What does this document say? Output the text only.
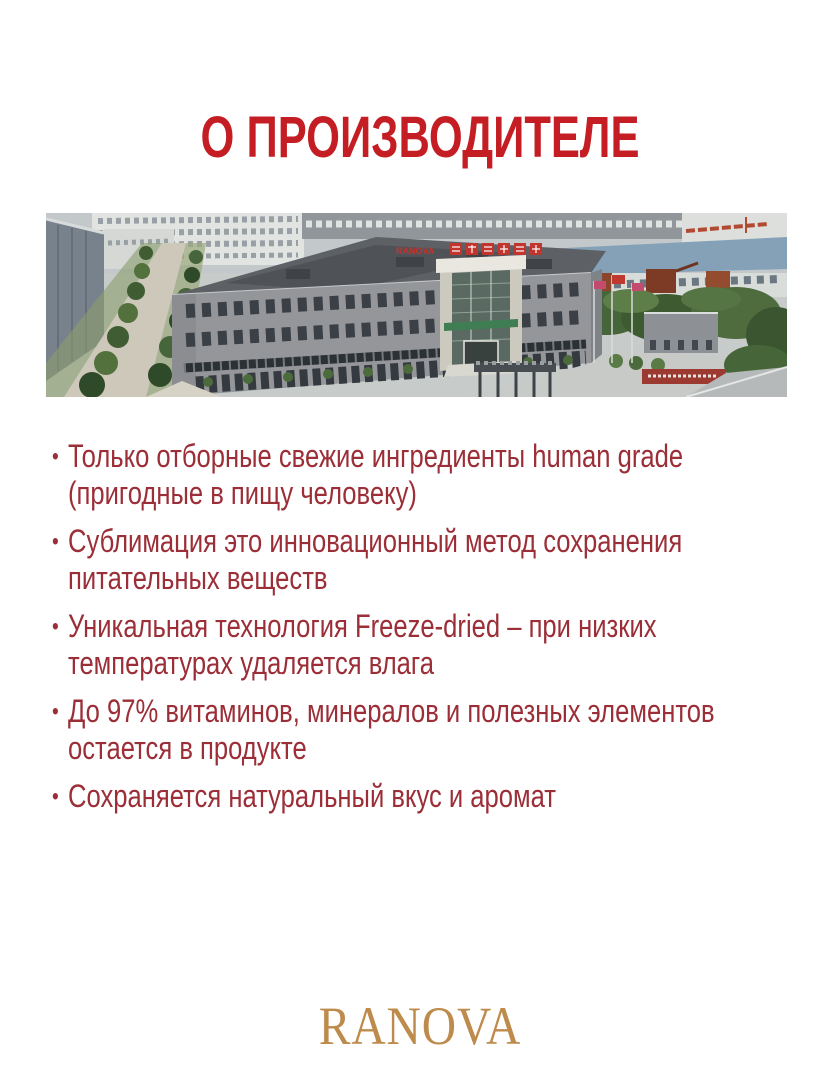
О ПРОИЗВОДИТЕЛЕ
RANOVA
• Только отборные свежие ингредиенты human grade (пригодные в пищу человеку)
• Сублимация это инновационный метод сохранения питательных веществ
• Уникальная технология Freeze-dried – при низких температурах удаляется влага
• До 97% витаминов, минералов и полезных элементов остается в продукте
• Сохраняется натуральный вкус и аромат
RANOVA
